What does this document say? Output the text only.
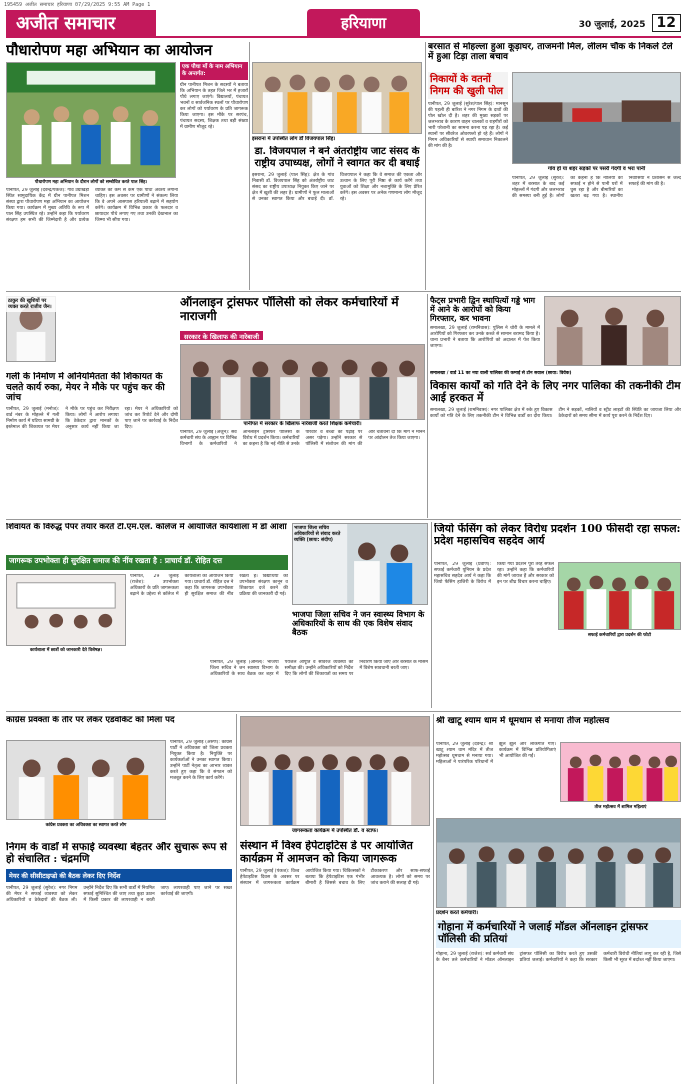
195459 अजीत समाचार हरियाणा 07/29/2025 9:55 AM Page 1
अजीत समाचार	हरियाणा	30 जुलाई, 2025 12
पौधारोपण महा अभियान का आयोजन
पौधारोपण महा अभियान के दौरान लोगों को सम्बोधित करते पाल सिंह।
पानीपत, 29 जुलाई (देवेन्द्र/पंकज): गांव उग्राखेड़ी स्थित सामुदायिक केंद्र में ग्रीन पानीपत मिशन संस्था द्वारा पौधारोपण महा अभियान का आयोजन किया गया। कार्यक्रम में मुख्य अतिथि के रूप में पाल सिंह उपस्थित रहे। उन्होंने कहा कि पर्यावरण संरक्षण हम सभी की जिम्मेदारी है और प्रत्येक व्यक्ति को कम से कम एक पौधा अवश्य लगाना चाहिए। इस अवसर पर ग्रामीणों ने संकल्प लिया कि वे अपने आसपास हरियाली बढ़ाने में सहयोग करेंगे। कार्यक्रम में विभिन्न प्रकार के फलदार व छायादार पौधे लगाए गए तथा उनकी देखभाल का जिम्मा भी सौंपा गया।
एक पौधा माँ के नाम अभियान के अन्तर्गत:
ग्रीन पानीपत मिशन के सदस्यों ने बताया कि अभियान के तहत जिले भर में हजारों पौधे लगाए जाएंगे। विद्यालयों, पंचायत भवनों व सार्वजनिक स्थलों पर पौधारोपण कर लोगों को पर्यावरण के प्रति जागरूक किया जाएगा। इस मौके पर सरपंच, पंचायत सदस्य, शिक्षक तथा बड़ी संख्या में ग्रामीण मौजूद रहे।
इसराना में उपस्थित लोग डॉ विजयपाल सिंह।
डा. विजयपाल ने बने अंतर्राष्ट्रीय जाट संसद के राष्ट्रीय उपाध्यक्ष, लोगों ने स्वागत कर दी बधाई
इसराना, 29 जुलाई (पाल सिंह): क्षेत्र के गांव निवासी डॉ. विजयपाल सिंह को अंतर्राष्ट्रीय जाट संसद का राष्ट्रीय उपाध्यक्ष नियुक्त किए जाने पर क्षेत्र में खुशी की लहर है। ग्रामीणों ने फूल मालाओं से उनका स्वागत किया और बधाई दी। डॉ. विजयपाल ने कहा कि वे समाज की एकता और उत्थान के लिए पूरी निष्ठा से कार्य करेंगे तथा युवाओं को शिक्षा और नशामुक्ति के लिए प्रेरित करेंगे। इस अवसर पर अनेक गणमान्य लोग मौजूद रहे।
बरसात से मोहल्ला हुआ कूड़ाघर, ताजमनी मिल, लीलम चौक के निकले टेले में हुआ टिड़ा ताला बचाव
निकायों के वतनों निगम की खुली पोल
पानीपत, 29 जुलाई (सुरेश/पाल सिंह): मानसून की पहली ही बारिश ने नगर निगम के दावों की पोल खोल दी है। शहर की मुख्य सड़कों पर जलभराव के कारण वाहन चालकों व राहगीरों को भारी परेशानी का सामना करना पड़ रहा है। कई स्थानों पर सीवरेज ओवरफ्लो हो रहे हैं। लोगों ने निगम अधिकारियों से स्थायी समाधान निकालने की मांग की है।
गांव हो या शहर सड़कों पर पसरी गंदगी व भरा पानी
पानीपत, 29 जुलाई (सुरेश): शहर में बरसात के बाद कई मोहल्लों में गंदगी और जलभराव की समस्या बनी हुई है। लोगों का कहना है कि नालियों की सफाई न होने से पानी घरों में घुस रहा है और बीमारियों का खतरा बढ़ गया है। स्थानीय निवासियों ने प्रशासन से जल्द सफाई की मांग की है।
ऑनलाइन ट्रांसफर पॉलिसी को लेकर कर्मचारियों में नाराजगी
सरकार के खिलाफ की नारेबाजी
पानीपत में सरकार के खिलाफ नारेबाजी करते शिक्षक कर्मचारी।
पानीपत, 29 जुलाई (अर्जुन): सर्व कर्मचारी संघ के आह्वान पर विभिन्न विभागों के कर्मचारियों ने ऑनलाइन ट्रांसफर पॉलिसी के विरोध में प्रदर्शन किया। कर्मचारियों का कहना है कि नई नीति से उनके परिवार व बच्चों की पढ़ाई पर असर पड़ेगा। उन्होंने सरकार से पॉलिसी में संशोधन की मांग की और चेतावनी दी कि मांगें न मानने पर आंदोलन तेज किया जाएगा।
ठाकुर की खुशियों पर व्यक्त करते राजीव जैन।
गली के निर्माण में अनियमितता की शिकायत के चलते कार्य रुका, मेयर ने मौके पर पहुंच कर की जांच
पानीपत, 29 जुलाई (मनोज): वार्ड नंबर के मोहल्ले में गली निर्माण कार्य में घटिया सामग्री के इस्तेमाल की शिकायत पर मेयर ने मौके पर पहुंच कर निरीक्षण किया। लोगों ने आरोप लगाया कि ठेकेदार द्वारा मानकों के अनुसार कार्य नहीं किया जा रहा। मेयर ने अधिकारियों को जांच कर रिपोर्ट देने और दोषी पाए जाने पर कार्रवाई के निर्देश दिए।
फैट्स प्रभारी द्विन स्थापित्यों गड्डे भाग में आने के आरोपों को किया गिरफ्तार, कर भावना
समालखा, 29 जुलाई (रामनिवास): पुलिस ने चोरी के मामले में आरोपियों को गिरफ्तार कर उनके कब्जे से सामान बरामद किया है। थाना प्रभारी ने बताया कि आरोपियों को अदालत में पेश किया जाएगा।
समालखा / वार्ड 11 का नया वाली पालिका की कमाई से टोन सवाल (छाया: विवेक)
विकास कार्यों को गति देने के लिए नगर पालिका की तकनीकी टीम आई हरकत में
समालखा, 29 जुलाई (रामनिवास): नगर पालिका क्षेत्र में रुके हुए विकास कार्यों को गति देने के लिए तकनीकी टीम ने विभिन्न वार्डों का दौरा किया। टीम ने सड़कों, नालियों व स्ट्रीट लाइटों की स्थिति का जायजा लिया और ठेकेदारों को समय सीमा में कार्य पूरा करने के निर्देश दिए।
शिवायत के विरुद्ध पेपर तयार करते टी.एम.एल. कॉलेज में आयोजित कार्यशाला में डॉ आशा
जागरूक उपभोक्ता ही सुरक्षित समाज की नींव रखता है : प्राचार्य डॉ. रोहित दत्त
कार्यशाला में छात्रों को जानकारी देते विशेषज्ञ।
पानीपत, 29 जुलाई (राजेश): उपभोक्ता अधिकारों के प्रति जागरूकता बढ़ाने के उद्देश्य से कॉलेज में कार्यशाला का आयोजन किया गया। प्राचार्य डॉ. रोहित दत्त ने कहा कि जागरूक उपभोक्ता ही सुरक्षित समाज की नींव रखता है। विद्यार्थियों को उपभोक्ता संरक्षण कानून व शिकायत दर्ज करने की प्रक्रिया की जानकारी दी गई।
भाजपा जिला सचिव अधिकारियों से संवाद करते व्यक्ति (छाया: संदीप)
भाजपा जिला सचिव ने जन स्वास्थ्य विभाग के अधिकारियों के साथ की एक विशेष संवाद बैठक
पानीपत, 29 जुलाई (अनिल): भाजपा जिला सचिव ने जन स्वास्थ्य विभाग के अधिकारियों के साथ बैठक कर शहर में पेयजल आपूर्ति व सीवरेज व्यवस्था की समीक्षा की। उन्होंने अधिकारियों को निर्देश दिए कि लोगों की शिकायतों का समय पर निवारण किया जाए और बरसात के मौसम में विशेष सावधानी बरती जाए।
जियो फेंसिंग को लेकर विरोध प्रदर्शन 100 फीसदी रहा सफल: प्रदेश महासचिव सहदेव आर्य
पानीपत, 29 जुलाई (प्रवीण): सफाई कर्मचारी यूनियन के प्रदेश महासचिव सहदेव आर्य ने कहा कि जियो फेंसिंग हाजिरी के विरोध में किया गया प्रदर्शन पूरी तरह सफल रहा। उन्होंने कहा कि कर्मचारियों की मांगें जायज हैं और सरकार को इन पर शीघ्र विचार करना चाहिए।
सफाई कर्मचारियों द्वारा प्रदर्शन की फोटो
कांग्रेस प्रवक्ता के तौर पर लेकर एडवोकेट को मिला पद
कांग्रेस प्रवक्ता का अधिवक्ता का स्वागत करते लोग
पानीपत, 29 जुलाई (अरुण): कांग्रेस पार्टी ने अधिवक्ता को जिला प्रवक्ता नियुक्त किया है। नियुक्ति पर कार्यकर्ताओं ने उनका स्वागत किया। उन्होंने पार्टी नेतृत्व का आभार व्यक्त करते हुए कहा कि वे संगठन को मजबूत करने के लिए कार्य करेंगे।
निगम के वार्डों में सफाई व्यवस्था बेहतर और सुचारू रूप से हो संचालित : चंद्रमणि
मेयर की सीसीटाइप्डो की बैठक लेकर दिए निर्देश
पानीपत, 29 जुलाई (सुरेश): नगर निगम की मेयर ने सफाई व्यवस्था को लेकर अधिकारियों व ठेकेदारों की बैठक ली। उन्होंने निर्देश दिए कि सभी वार्डों में नियमित सफाई सुनिश्चित की जाए तथा कूड़ा उठान में किसी प्रकार की लापरवाही न बरती जाए। लापरवाही पाए जाने पर सख्त कार्रवाई की जाएगी।
जागरूकता कार्यक्रम में उपस्थित डॉ. व स्टाफ।
संस्थान में विश्व हेपेटाइटिस डे पर आयोजित कार्यक्रम में आमजन को किया जागरूक
पानीपत, 29 जुलाई (पंकज): विश्व हेपेटाइटिस दिवस के अवसर पर संस्थान में जागरूकता कार्यक्रम आयोजित किया गया। चिकित्सकों ने बताया कि हेपेटाइटिस एक गंभीर बीमारी है जिससे बचाव के लिए टीकाकरण और साफ-सफाई आवश्यक है। लोगों को समय पर जांच कराने की सलाह दी गई।
श्री खाटू श्याम धाम में धूमधाम से मनाया तीज महोत्सव
पानीपत, 29 जुलाई (देवेन्द्र): श्री खाटू श्याम धाम मंदिर में तीज महोत्सव धूमधाम से मनाया गया। महिलाओं ने पारंपरिक परिधानों में झूले झूले और लोकगीत गाए। कार्यक्रम में विभिन्न प्रतियोगिताएं भी आयोजित की गईं।
तीज महोत्सव में शामिल महिलाएं
प्रदर्शन करते कर्मचारी।
गोहाना में कर्मचारियों ने जलाई मॉडल ऑनलाइन ट्रांसफर पॉलिसी की प्रतियां
गोहाना, 29 जुलाई (राजेश): सर्व कर्मचारी संघ के बैनर तले कर्मचारियों ने मॉडल ऑनलाइन ट्रांसफर पॉलिसी का विरोध करते हुए उसकी प्रतियां जलाईं। कर्मचारियों ने कहा कि सरकार कर्मचारी विरोधी नीतियां लागू कर रही है, जिसे किसी भी सूरत में बर्दाश्त नहीं किया जाएगा।
